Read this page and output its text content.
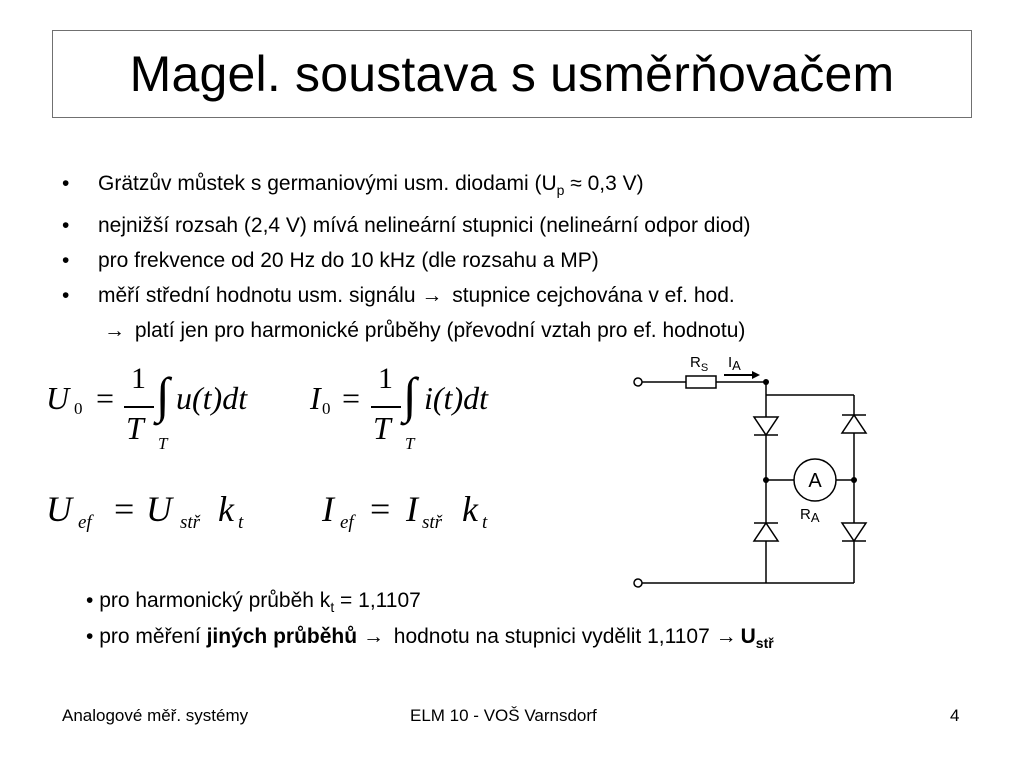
Magel. soustava s usměrňovačem
• Grätzův můstek s germaniovými usm. diodami ($U_p \approx 0,3$ V)
• nejnižší rozsah (2,4 V) mívá nelineární stupnici (nelineární odpor diod)
• pro frekvence od 20 Hz do 10 kHz (dle rozsahu a MP)
• měří střední hodnotu usm. signálu → stupnice cejchována v ef. hod.
→ platí jen pro harmonické průběhy (převodní vztah pro ef. hodnotu)
U 0 =
1
T
∫
T
u(t)dt I 0 =
1
T
∫
T
i(t)dt
U ef = U stř k t I ef = I stř k t
$R_S$ IA
A
RA
• pro harmonický průběh $k_t = 1,1107$
• pro měření jiných průběhů → hodnotu na stupnici vydělit $1,1107 \to U_{stř}$
Analogové měř. systémy	ELM 10 - VOŠ Varnsdorf	4
